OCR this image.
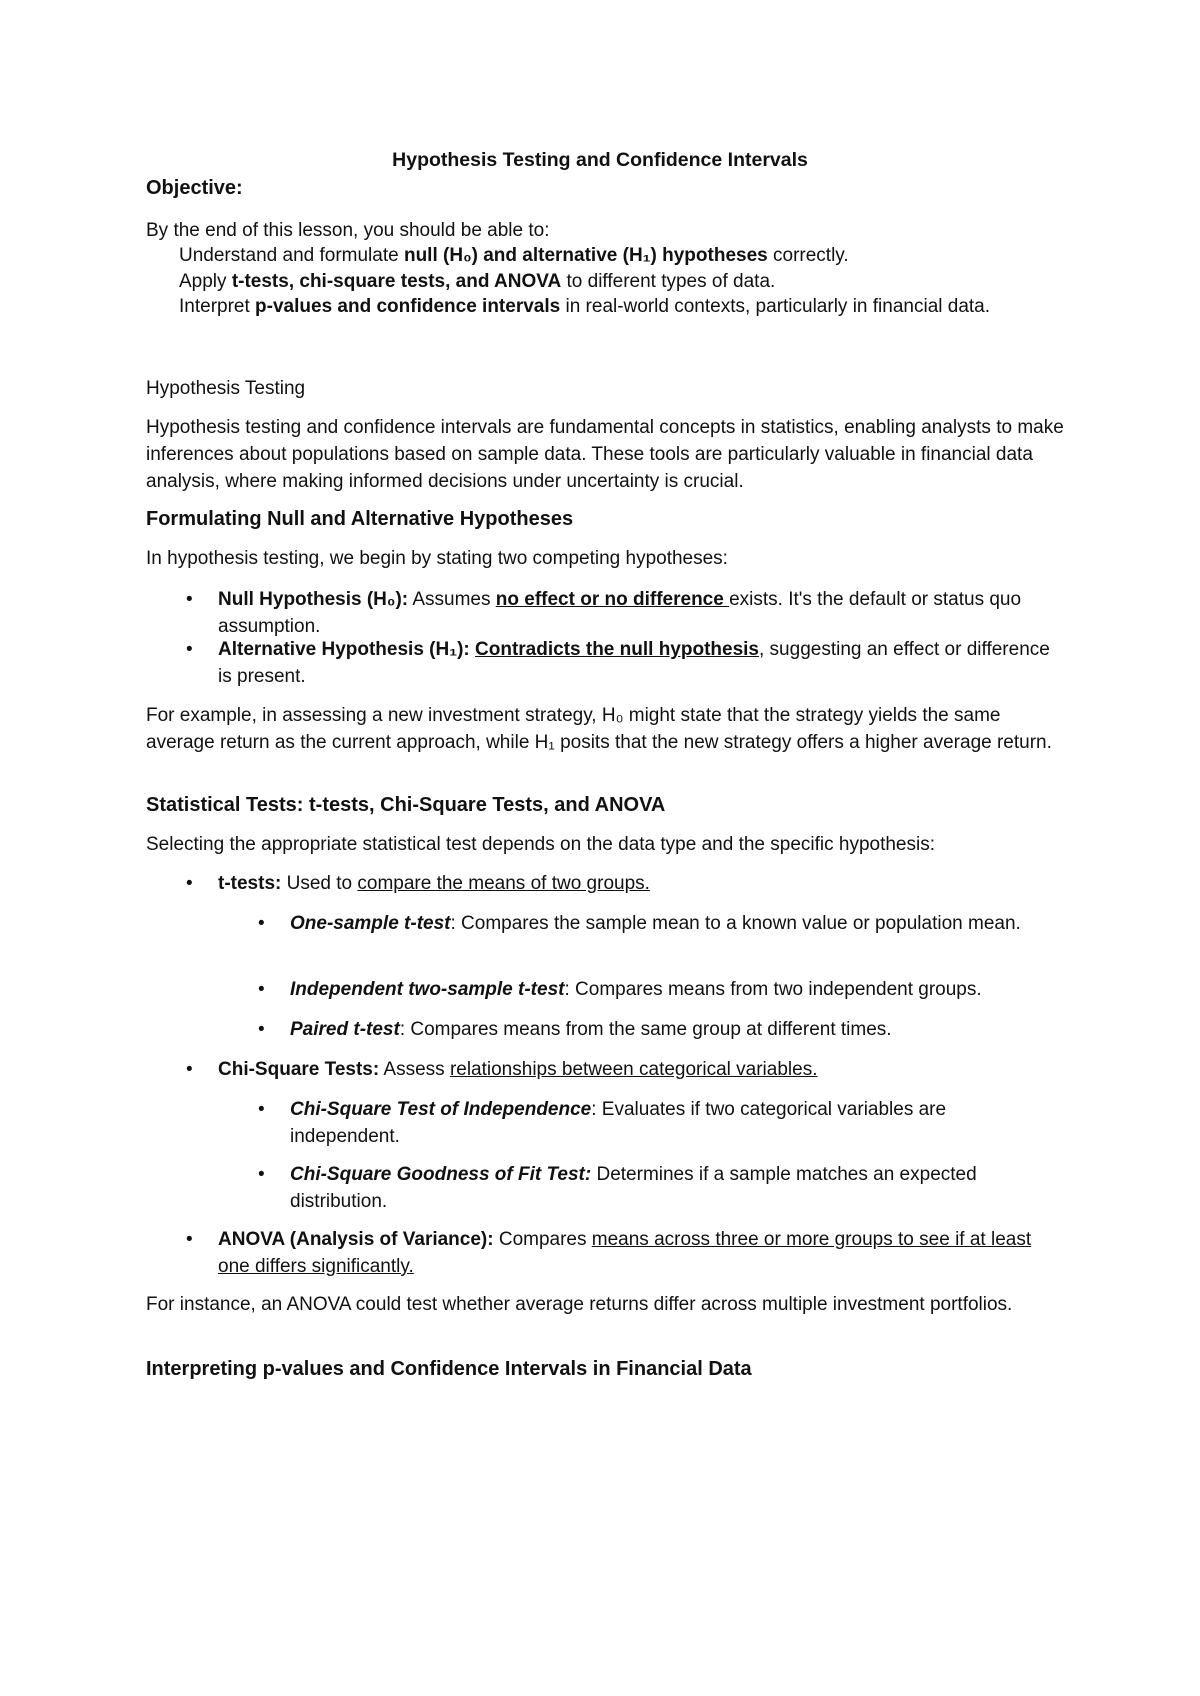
Hypothesis Testing and Confidence Intervals

Objective:

By the end of this lesson, you should be able to:

Understand and formulate null (H₀) and alternative (H₁) hypotheses correctly.

Apply t-tests, chi-square tests, and ANOVA to different types of data.

Interpret p-values and confidence intervals in real-world contexts, particularly in financial data.

Hypothesis Testing

Hypothesis testing and confidence intervals are fundamental concepts in statistics, enabling analysts to make inferences about populations based on sample data. These tools are particularly valuable in financial data analysis, where making informed decisions under uncertainty is crucial.

Formulating Null and Alternative Hypotheses

In hypothesis testing, we begin by stating two competing hypotheses:

• Null Hypothesis (H₀): Assumes no effect or no difference exists. It's the default or status quo assumption.
• Alternative Hypothesis (H₁): Contradicts the null hypothesis, suggesting an effect or difference is present.

For example, in assessing a new investment strategy, H₀ might state that the strategy yields the same average return as the current approach, while H₁ posits that the new strategy offers a higher average return.

Statistical Tests: t-tests, Chi-Square Tests, and ANOVA

Selecting the appropriate statistical test depends on the data type and the specific hypothesis:

• t-tests: Used to compare the means of two groups.
• One-sample t-test: Compares the sample mean to a known value or population mean.
• Independent two-sample t-test: Compares means from two independent groups.
• Paired t-test: Compares means from the same group at different times.
• Chi-Square Tests: Assess relationships between categorical variables.
• Chi-Square Test of Independence: Evaluates if two categorical variables are independent.
• Chi-Square Goodness of Fit Test: Determines if a sample matches an expected distribution.
• ANOVA (Analysis of Variance): Compares means across three or more groups to see if at least one differs significantly.

For instance, an ANOVA could test whether average returns differ across multiple investment portfolios.

Interpreting p-values and Confidence Intervals in Financial Data
